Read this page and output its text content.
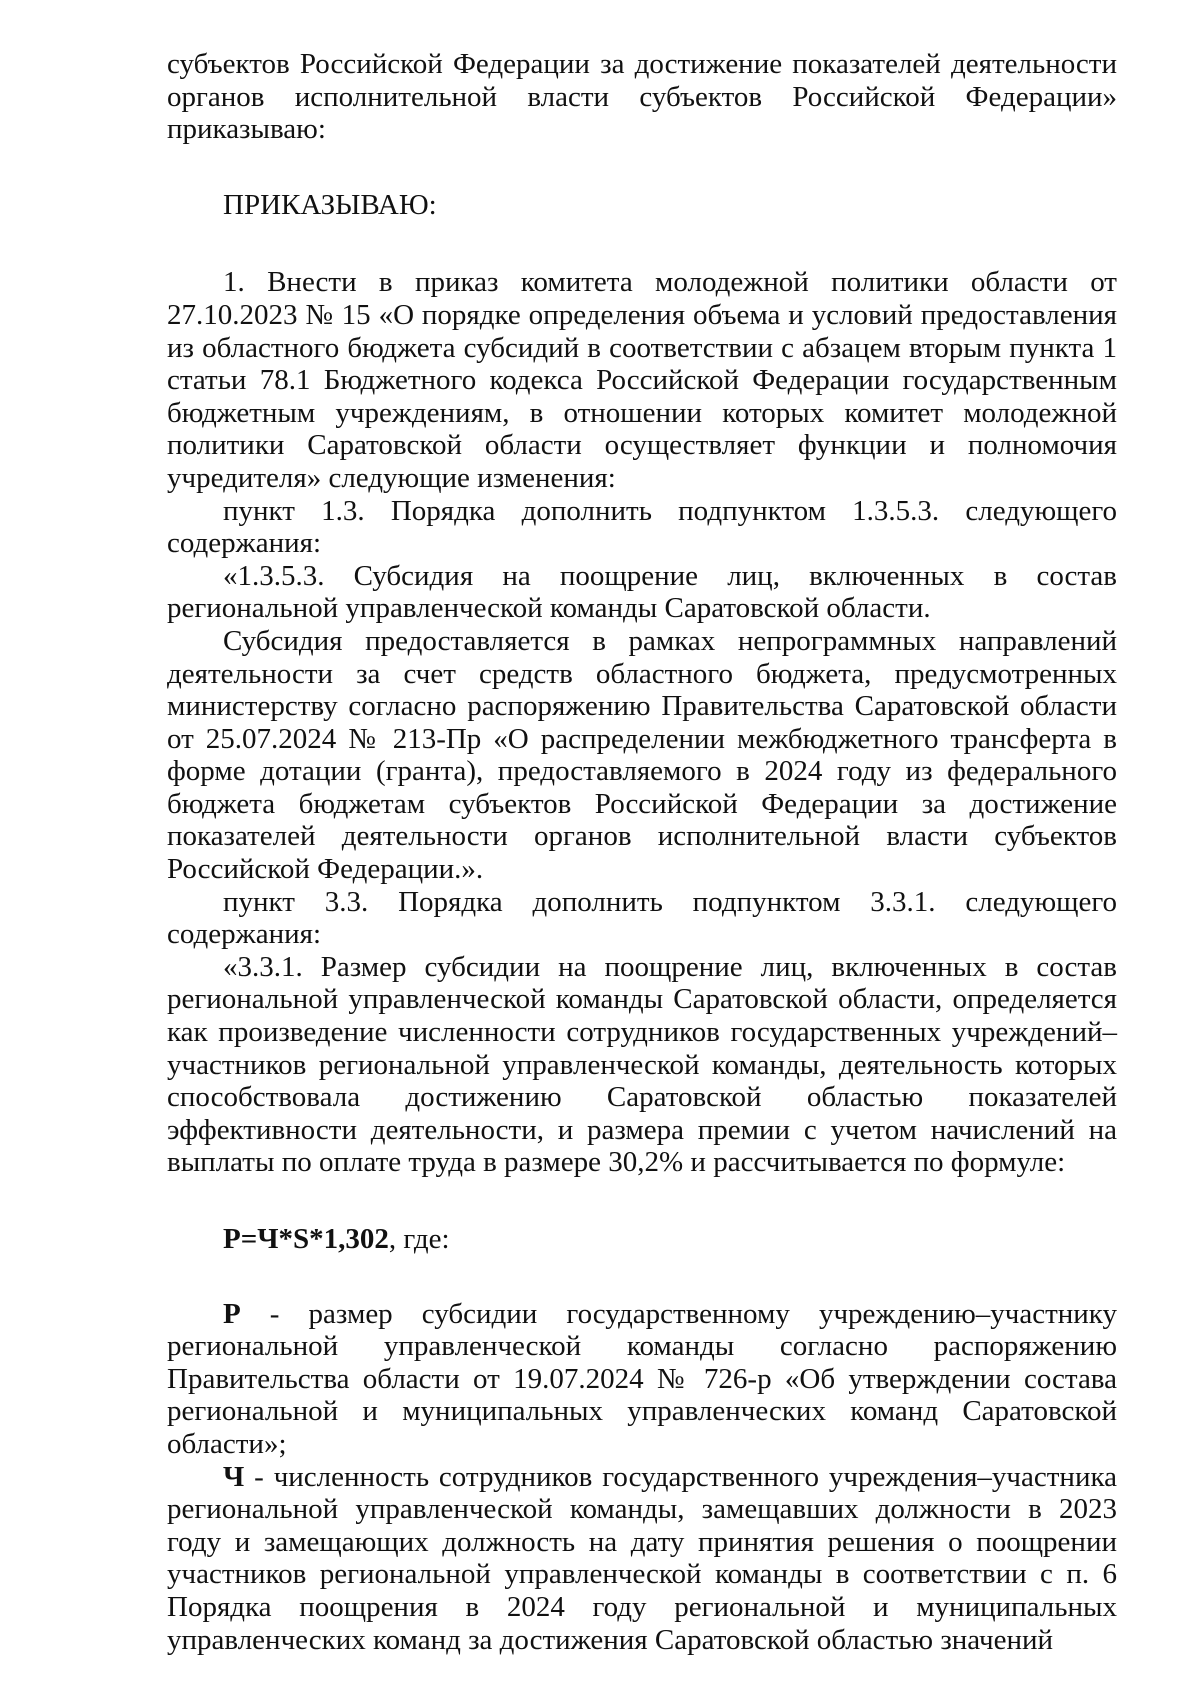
субъектов Российской Федерации за достижение показателей деятельности органов исполнительной власти субъектов Российской Федерации» приказываю:

ПРИКАЗЫВАЮ:

1. Внести в приказ комитета молодежной политики области от 27.10.2023 № 15 «О порядке определения объема и условий предоставления из областного бюджета субсидий в соответствии с абзацем вторым пункта 1 статьи 78.1 Бюджетного кодекса Российской Федерации государственным бюджетным учреждениям, в отношении которых комитет молодежной политики Саратовской области осуществляет функции и полномочия учредителя» следующие изменения:

пункт 1.3. Порядка дополнить подпунктом 1.3.5.3. следующего содержания:

«1.3.5.3. Субсидия на поощрение лиц, включенных в состав региональной управленческой команды Саратовской области.

Субсидия предоставляется в рамках непрограммных направлений деятельности за счет средств областного бюджета, предусмотренных министерству согласно распоряжению Правительства Саратовской области от 25.07.2024 № 213-Пр «О распределении межбюджетного трансферта в форме дотации (гранта), предоставляемого в 2024 году из федерального бюджета бюджетам субъектов Российской Федерации за достижение показателей деятельности органов исполнительной власти субъектов Российской Федерации.».

пункт 3.3. Порядка дополнить подпунктом 3.3.1. следующего содержания:

«3.3.1. Размер субсидии на поощрение лиц, включенных в состав региональной управленческой команды Саратовской области, определяется как произведение численности сотрудников государственных учреждений–участников региональной управленческой команды, деятельность которых способствовала достижению Саратовской областью показателей эффективности деятельности, и размера премии с учетом начислений на выплаты по оплате труда в размере 30,2% и рассчитывается по формуле:

P=Ч*S*1,302, где:

Р - размер субсидии государственному учреждению–участнику региональной управленческой команды согласно распоряжению Правительства области от 19.07.2024 № 726-р «Об утверждении состава региональной и муниципальных управленческих команд Саратовской области»;

Ч - численность сотрудников государственного учреждения–участника региональной управленческой команды, замещавших должности в 2023 году и замещающих должность на дату принятия решения о поощрении участников региональной управленческой команды в соответствии с п. 6 Порядка поощрения в 2024 году региональной и муниципальных управленческих команд за достижения Саратовской областью значений
